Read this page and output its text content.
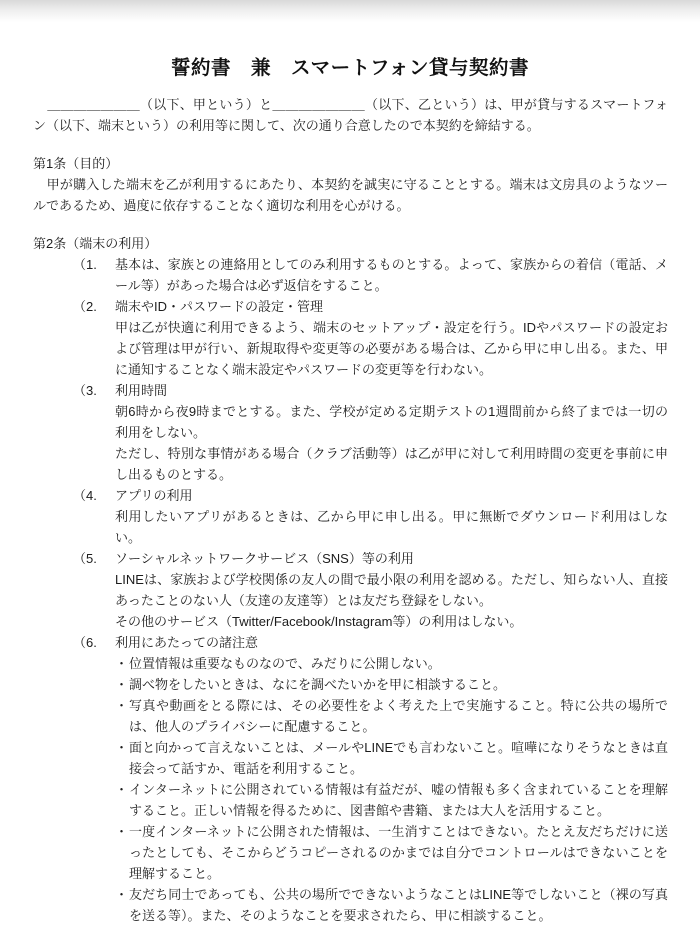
誓約書　兼　スマートフォン貸与契約書

＿＿＿＿＿＿＿（以下、甲という）と＿＿＿＿＿＿＿（以下、乙という）は、甲が貸与するスマートフォン（以下、端末という）の利用等に関して、次の通り合意したので本契約を締結する。

第1条（目的）

甲が購入した端末を乙が利用するにあたり、本契約を誠実に守ることとする。端末は文房具のようなツールであるため、過度に依存することなく適切な利用を心がける。

第2条（端末の利用）
（1.	基本は、家族との連絡用としてのみ利用するものとする。よって、家族からの着信（電話、メール等）があった場合は必ず返信をすること。

（2.	端末やID・パスワードの設定・管理

甲は乙が快適に利用できるよう、端末のセットアップ・設定を行う。IDやパスワードの設定および管理は甲が行い、新規取得や変更等の必要がある場合は、乙から甲に申し出る。また、甲に通知することなく端末設定やパスワードの変更等を行わない。

（3.	利用時間

朝6時から夜9時までとする。また、学校が定める定期テストの1週間前から終了までは一切の利用をしない。

ただし、特別な事情がある場合（クラブ活動等）は乙が甲に対して利用時間の変更を事前に申し出るものとする。

（4.	アプリの利用

利用したいアプリがあるときは、乙から甲に申し出る。甲に無断でダウンロード利用はしない。

（5.	ソーシャルネットワークサービス（SNS）等の利用

LINEは、家族および学校関係の友人の間で最小限の利用を認める。ただし、知らない人、直接あったことのない人（友達の友達等）とは友だち登録をしない。

その他のサービス（Twitter/Facebook/Instagram等）の利用はしない。

（6.	利用にあたっての諸注意

・ 位置情報は重要なものなので、みだりに公開しない。
・ 調べ物をしたいときは、なにを調べたいかを甲に相談すること。
・ 写真や動画をとる際には、その必要性をよく考えた上で実施すること。特に公共の場所では、他人のプライバシーに配慮すること。
・ 面と向かって言えないことは、メールやLINEでも言わないこと。喧嘩になりそうなときは直接会って話すか、電話を利用すること。
・ インターネットに公開されている情報は有益だが、嘘の情報も多く含まれていることを理解すること。正しい情報を得るために、図書館や書籍、または大人を活用すること。
・ 一度インターネットに公開された情報は、一生消すことはできない。たとえ友だちだけに送ったとしても、そこからどうコピーされるのかまでは自分でコントロールはできないことを理解すること。
・ 友だち同士であっても、公共の場所でできないようなことはLINE等でしないこと（裸の写真を送る等）。また、そのようなことを要求されたら、甲に相談すること。
